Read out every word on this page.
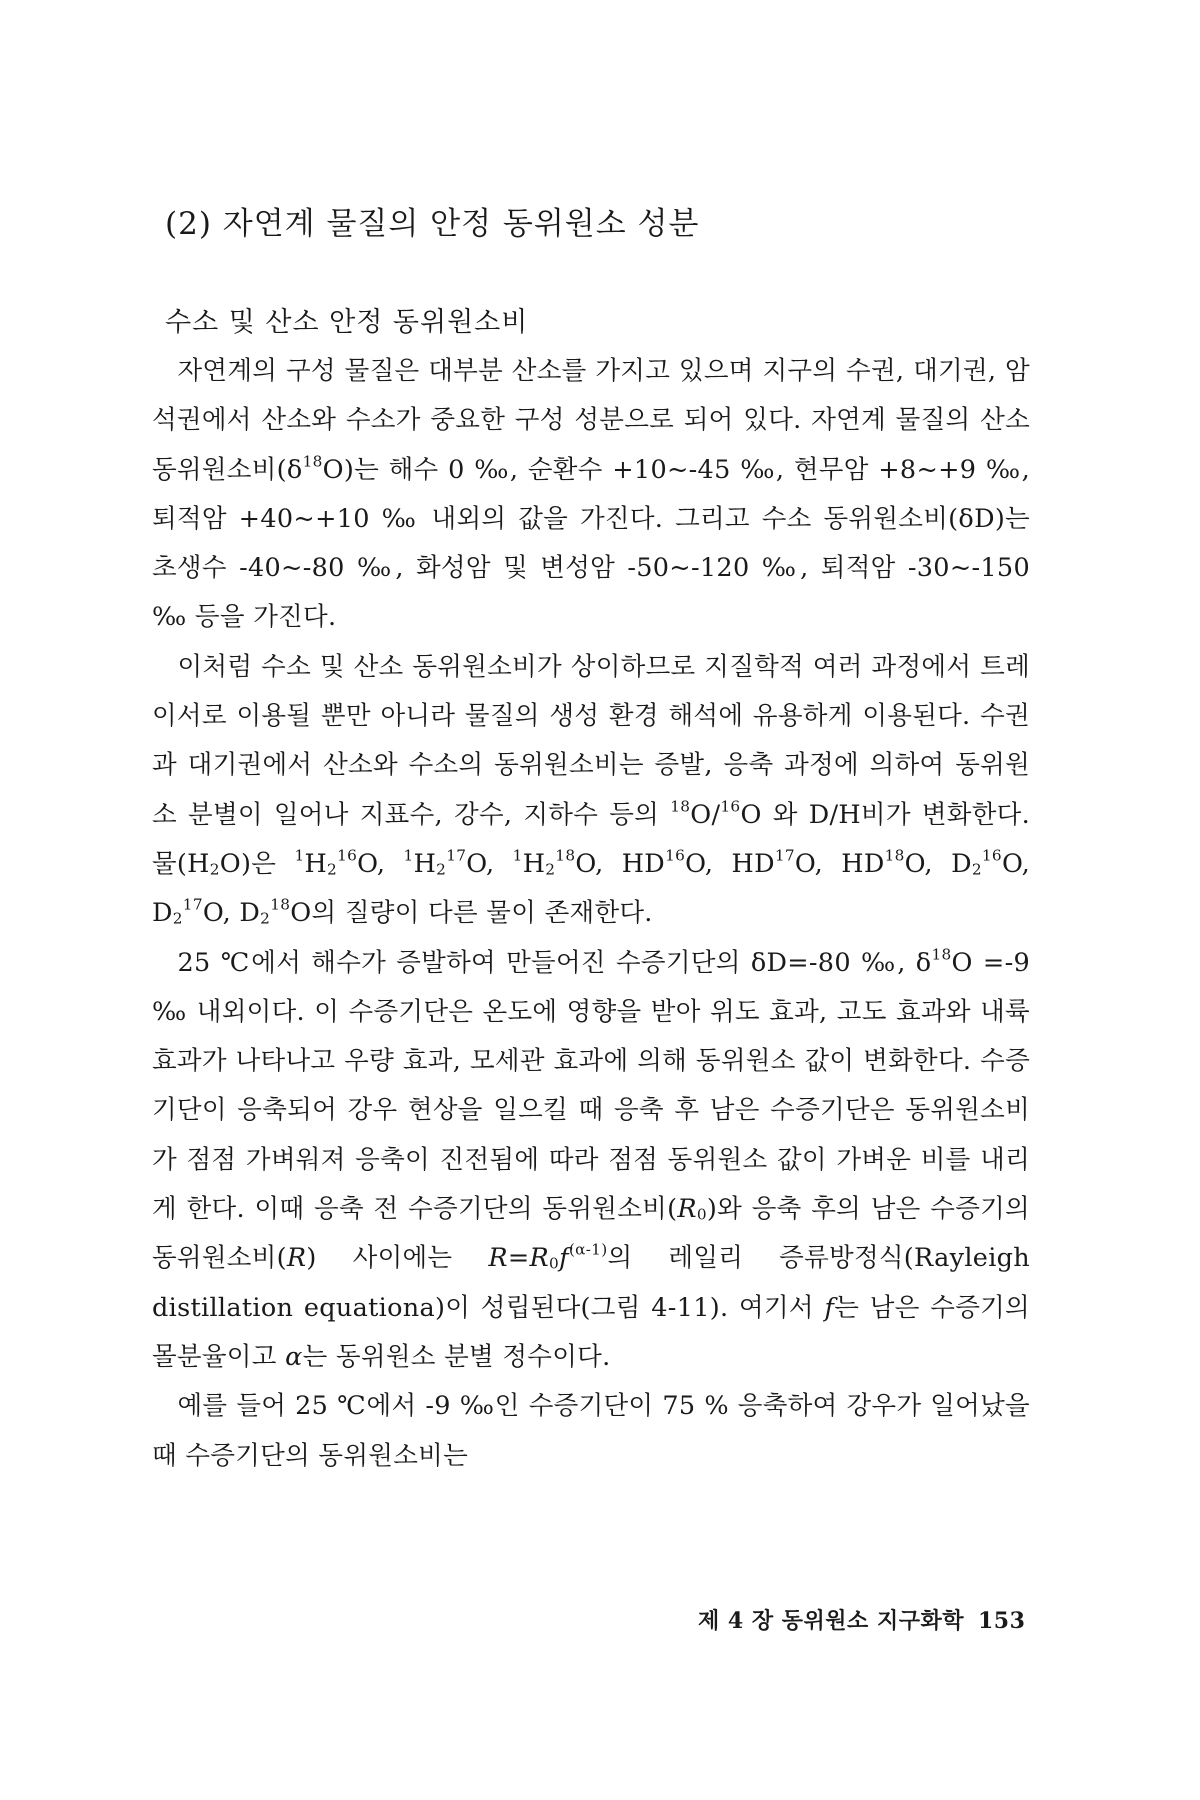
(2) 자연계 물질의 안정 동위원소 성분
수소 및 산소 안정 동위원소비

자연계의 구성 물질은 대부분 산소를 가지고 있으며 지구의 수권, 대기권, 암석권에서 산소와 수소가 중요한 구성 성분으로 되어 있다. 자연계 물질의 산소 동위원소비$(\delta^{18}O)$는 해수 0 ‰, 순환수 +10~-45 ‰, 현무암 +8~+9 ‰, 퇴적암 +40~+10 ‰ 내외의 값을 가진다. 그리고 수소 동위원소비(δD)는 초생수 -40~-80 ‰, 화성암 및 변성암 -50~-120 ‰, 퇴적암 -30~-150 ‰ 등을 가진다.

이처럼 수소 및 산소 동위원소비가 상이하므로 지질학적 여러 과정에서 트레이서로 이용될 뿐만 아니라 물질의 생성 환경 해석에 유용하게 이용된다. 수권과 대기권에서 산소와 수소의 동위원소비는 증발, 응축 과정에 의하여 동위원소 분별이 일어나 지표수, 강수, 지하수 등의 $^{18}$O/$^{16}$O 와 D/H비가 변화한다. 물$(H_2O)$은 $^1H_2^{16}O$, $^1H_2^{17}O$, $^1H_2^{18}O$, HD$^{16}$O, HD$^{17}$O, HD$^{18}$O, $D_2^{16}O$, $D_2^{17}O$, $D_2^{18}O$의 질량이 다른 물이 존재한다.

25 ℃에서 해수가 증발하여 만들어진 수증기단의 δD=-80 ‰, $\delta^{18}O =-9$ ‰ 내외이다. 이 수증기단은 온도에 영향을 받아 위도 효과, 고도 효과와 내륙 효과가 나타나고 우량 효과, 모세관 효과에 의해 동위원소 값이 변화한다. 수증기단이 응축되어 강우 현상을 일으킬 때 응축 후 남은 수증기단은 동위원소비가 점점 가벼워져 응축이 진전됨에 따라 점점 동위원소 값이 가벼운 비를 내리게 한다. 이때 응축 전 수증기단의 동위원소비$(R_0)$와 응축 후의 남은 수증기의 동위원소비(R) 사이에는 $R=R_0f^{(\alpha-1)}$의 레일리 증류방정식(Rayleigh distillation equationa)이 성립된다(그림 4-11). 여기서 f는 남은 수증기의 몰분율이고 α는 동위원소 분별 정수이다.

예를 들어 25 ℃에서 -9 ‰인 수증기단이 75 % 응축하여 강우가 일어났을 때 수증기단의 동위원소비는

제 4 장 동위원소 지구화학 153
